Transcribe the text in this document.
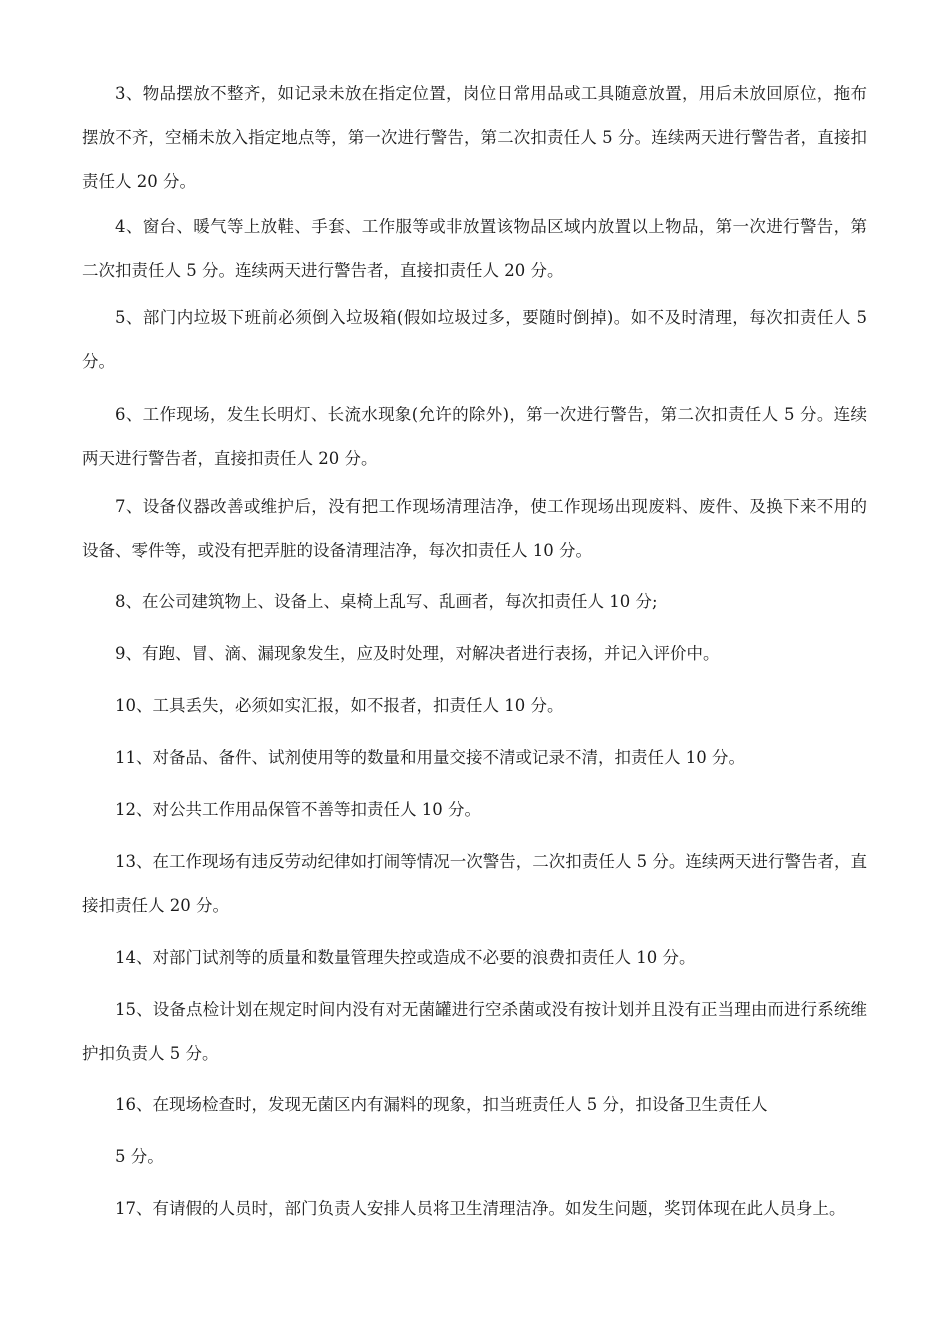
3、物品摆放不整齐，如记录未放在指定位置，岗位日常用品或工具随意放置，用后未放回原位，拖布摆放不齐，空桶未放入指定地点等，第一次进行警告，第二次扣责任人 5 分。连续两天进行警告者，直接扣责任人 20 分。

4、窗台、暖气等上放鞋、手套、工作服等或非放置该物品区域内放置以上物品，第一次进行警告，第二次扣责任人 5 分。连续两天进行警告者，直接扣责任人 20 分。

5、部门内垃圾下班前必须倒入垃圾箱(假如垃圾过多，要随时倒掉)。如不及时清理，每次扣责任人 5 分。

6、工作现场，发生长明灯、长流水现象(允许的除外)，第一次进行警告，第二次扣责任人 5 分。连续两天进行警告者，直接扣责任人 20 分。

7、设备仪器改善或维护后，没有把工作现场清理洁净，使工作现场出现废料、废件、及换下来不用的设备、零件等，或没有把弄脏的设备清理洁净，每次扣责任人 10 分。

8、在公司建筑物上、设备上、桌椅上乱写、乱画者，每次扣责任人 10 分;

9、有跑、冒、滴、漏现象发生，应及时处理，对解决者进行表扬，并记入评价中。

10、工具丢失，必须如实汇报，如不报者，扣责任人 10 分。

11、对备品、备件、试剂使用等的数量和用量交接不清或记录不清，扣责任人 10 分。

12、对公共工作用品保管不善等扣责任人 10 分。

13、在工作现场有违反劳动纪律如打闹等情况一次警告，二次扣责任人 5 分。连续两天进行警告者，直接扣责任人 20 分。

14、对部门试剂等的质量和数量管理失控或造成不必要的浪费扣责任人 10 分。

15、设备点检计划在规定时间内没有对无菌罐进行空杀菌或没有按计划并且没有正当理由而进行系统维护扣负责人 5 分。

16、在现场检查时，发现无菌区内有漏料的现象，扣当班责任人 5 分，扣设备卫生责任人

5 分。

17、有请假的人员时，部门负责人安排人员将卫生清理洁净。如发生问题，奖罚体现在此人员身上。
